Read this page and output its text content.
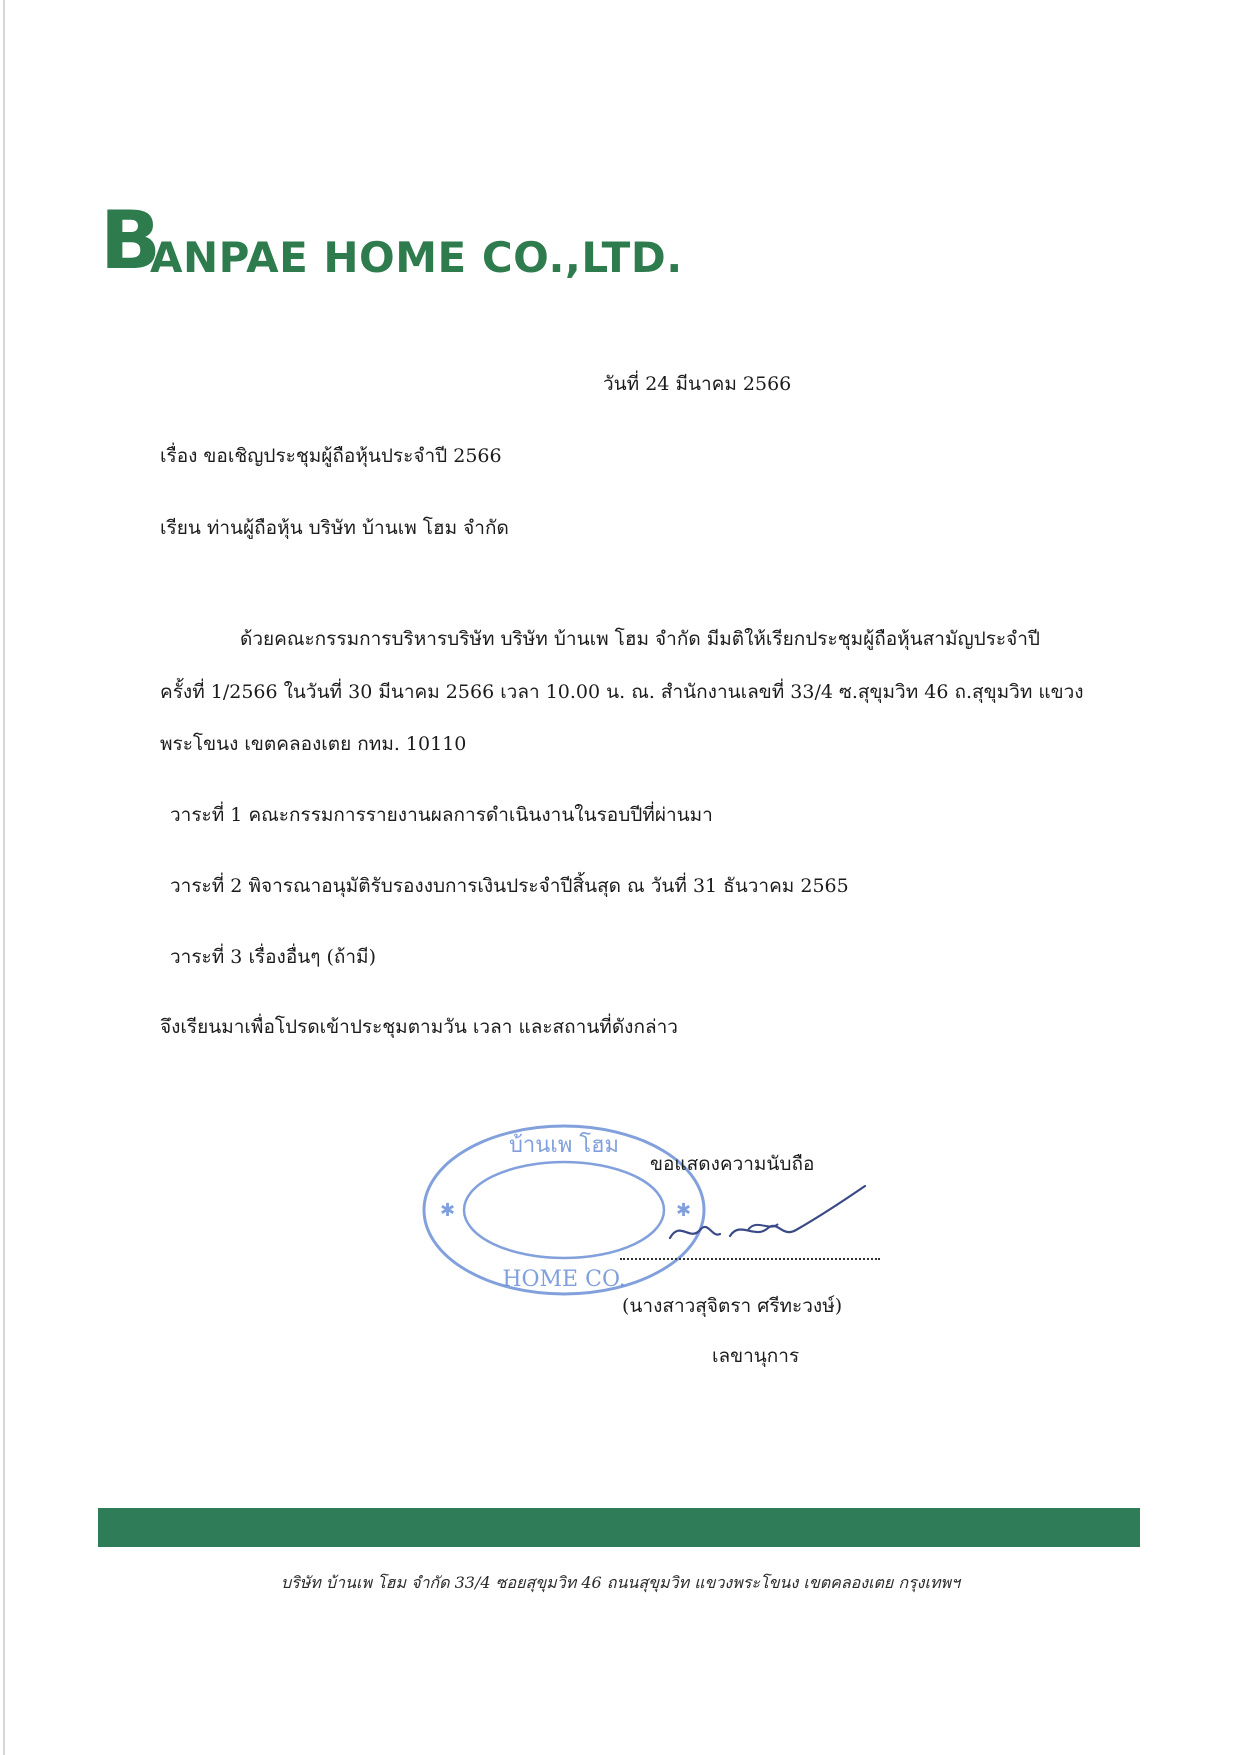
B
ANPAE HOME CO.,LTD.
วันที่ 24 มีนาคม 2566
เรื่อง ขอเชิญประชุมผู้ถือหุ้นประจำปี 2566
เรียน ท่านผู้ถือหุ้น บริษัท บ้านเพ โฮม จำกัด
ด้วยคณะกรรมการบริหารบริษัท บริษัท บ้านเพ โฮม จำกัด มีมติให้เรียกประชุมผู้ถือหุ้นสามัญประจำปี
ครั้งที่ 1/2566 ในวันที่ 30 มีนาคม 2566 เวลา 10.00 น. ณ. สำนักงานเลขที่ 33/4 ซ.สุขุมวิท 46 ถ.สุขุมวิท แขวง
พระโขนง เขตคลองเตย กทม. 10110
วาระที่ 1 คณะกรรมการรายงานผลการดำเนินงานในรอบปีที่ผ่านมา
วาระที่ 2 พิจารณาอนุมัติรับรองงบการเงินประจำปีสิ้นสุด ณ วันที่ 31 ธันวาคม 2565
วาระที่ 3 เรื่องอื่นๆ (ถ้ามี)
จึงเรียนมาเพื่อโปรดเข้าประชุมตามวัน เวลา และสถานที่ดังกล่าว
บ้านเพ โฮม
HOME CO.
✱	✱
ขอแสดงความนับถือ
(นางสาวสุจิตรา ศรีทะวงษ์)
เลขานุการ
บริษัท บ้านเพ โฮม จำกัด 33/4 ซอยสุขุมวิท 46 ถนนสุขุมวิท แขวงพระโขนง เขตคลองเตย กรุงเทพฯ
